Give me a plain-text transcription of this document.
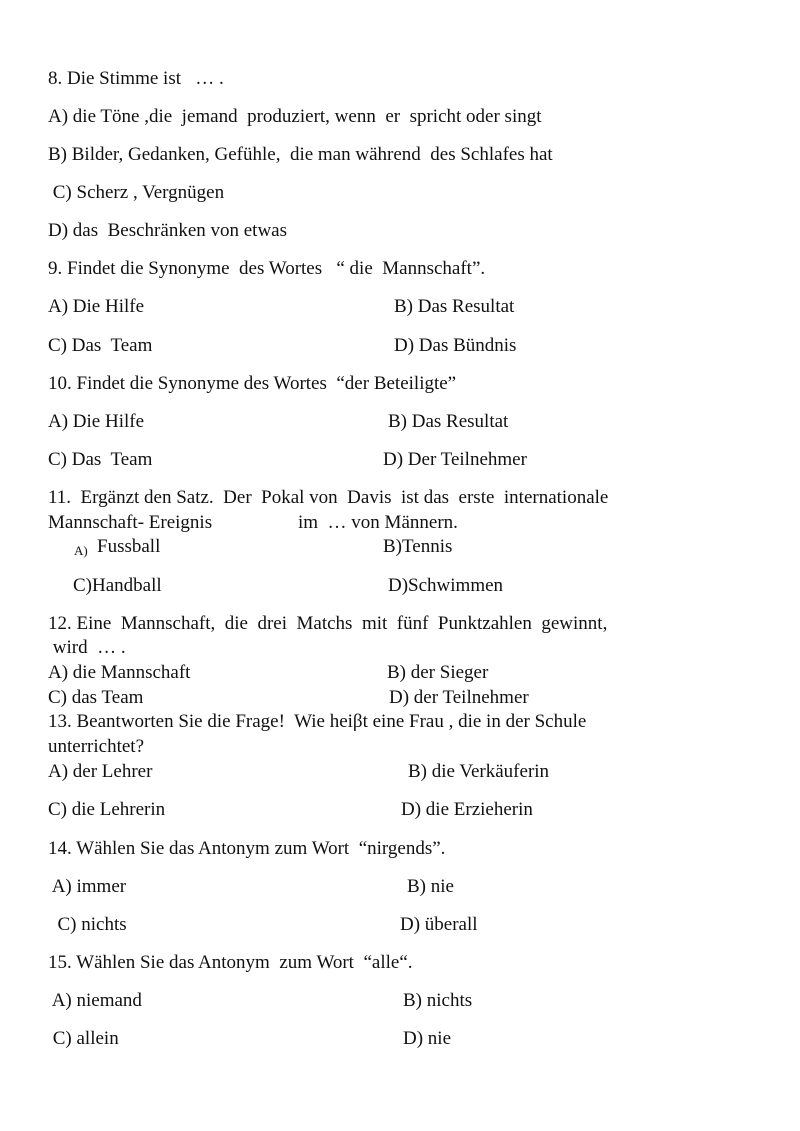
8. Die Stimme ist   … .
A) die Töne ,die  jemand  produziert, wenn  er  spricht oder singt
B) Bilder, Gedanken, Gefühle,  die man während  des Schlafes hat
C) Scherz , Vergnügen
D) das  Beschränken von etwas
9. Findet die Synonyme  des Wortes   “ die  Mannschaft”.
A) Die Hilfe	B) Das Resultat
C) Das  Team	D) Das Bündnis
10. Findet die Synonyme des Wortes  “der Beteiligte”
A) Die Hilfe	B) Das Resultat
C) Das  Team	D) Der Teilnehmer
11.  Ergänzt den Satz.  Der  Pokal von  Davis  ist das  erste  internationale
Mannschaft- Ereignis	im  … von Männern.
A) Fussball	B)Tennis
C)Handball	D)Schwimmen
12. Eine  Mannschaft,  die  drei  Matchs  mit  fünf  Punktzahlen  gewinnt,
wird  … .
A) die Mannschaft	B) der Sieger
C) das Team	D) der Teilnehmer
13. Beantworten Sie die Frage!  Wie heiβt eine Frau , die in der Schule
unterrichtet?
A) der Lehrer	B) die Verkäuferin
C) die Lehrerin	D) die Erzieherin
14. Wählen Sie das Antonym zum Wort  “nirgends”.
A) immer	B) nie
C) nichts	D) überall
15. Wählen Sie das Antonym  zum Wort  “alle“.
A) niemand	B) nichts
C) allein	D) nie
